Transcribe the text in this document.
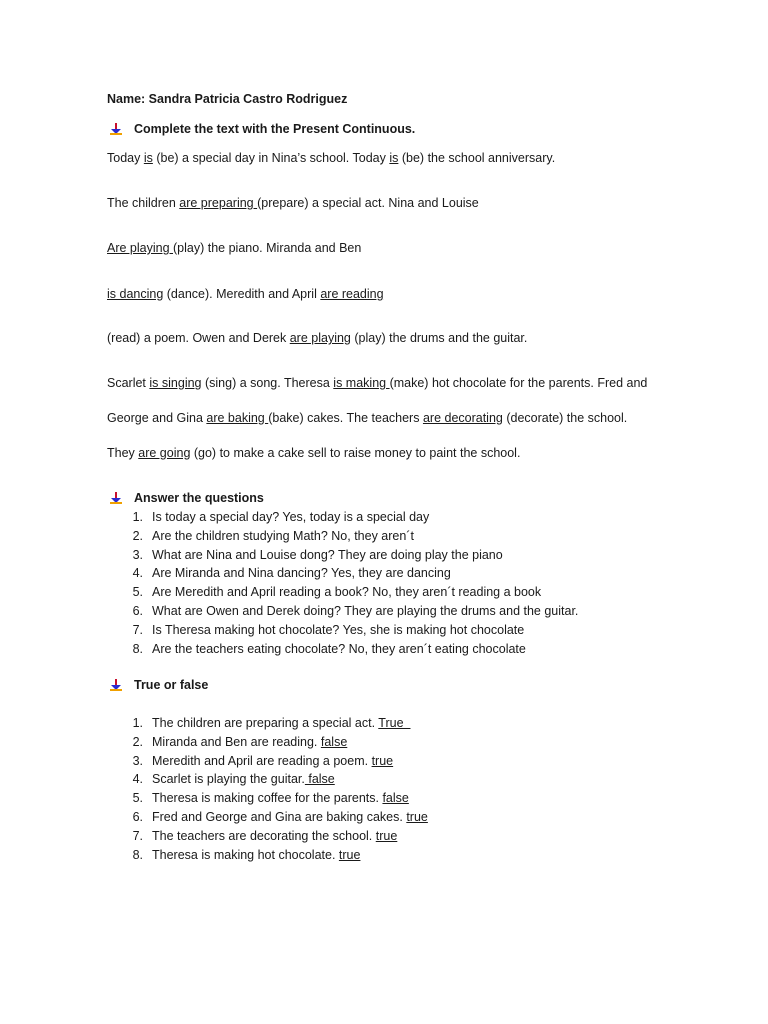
Name: Sandra Patricia Castro Rodriguez
Complete the text with the Present Continuous.
Today is (be) a special day in Nina’s school. Today is (be) the school anniversary.
The children are preparing (prepare) a special act. Nina and Louise
Are playing (play) the piano. Miranda and Ben
is dancing (dance). Meredith and April are reading
(read) a poem. Owen and Derek are playing (play) the drums and the guitar.
Scarlet is singing (sing) a song. Theresa is making (make) hot chocolate for the parents. Fred and
George and Gina are baking (bake) cakes. The teachers are decorating (decorate) the school.
They are going (go) to make a cake sell to raise money to paint the school.
Answer the questions
1. Is today a special day? Yes, today is a special day
2. Are the children studying Math? No, they aren´t
3. What are Nina and Louise dong? They are doing play the piano
4. Are Miranda and Nina dancing? Yes, they are dancing
5. Are Meredith and April reading a book? No, they aren´t reading a book
6. What are Owen and Derek doing? They are playing the drums and the guitar.
7. Is Theresa making hot chocolate? Yes, she is making hot chocolate
8. Are the teachers eating chocolate? No, they aren´t eating chocolate
True or false
1. The children are preparing a special act. True
2. Miranda and Ben are reading. false
3. Meredith and April are reading a poem. true
4. Scarlet is playing the guitar. false
5. Theresa is making coffee for the parents. false
6. Fred and George and Gina are baking cakes. true
7. The teachers are decorating the school. true
8. Theresa is making hot chocolate. true
